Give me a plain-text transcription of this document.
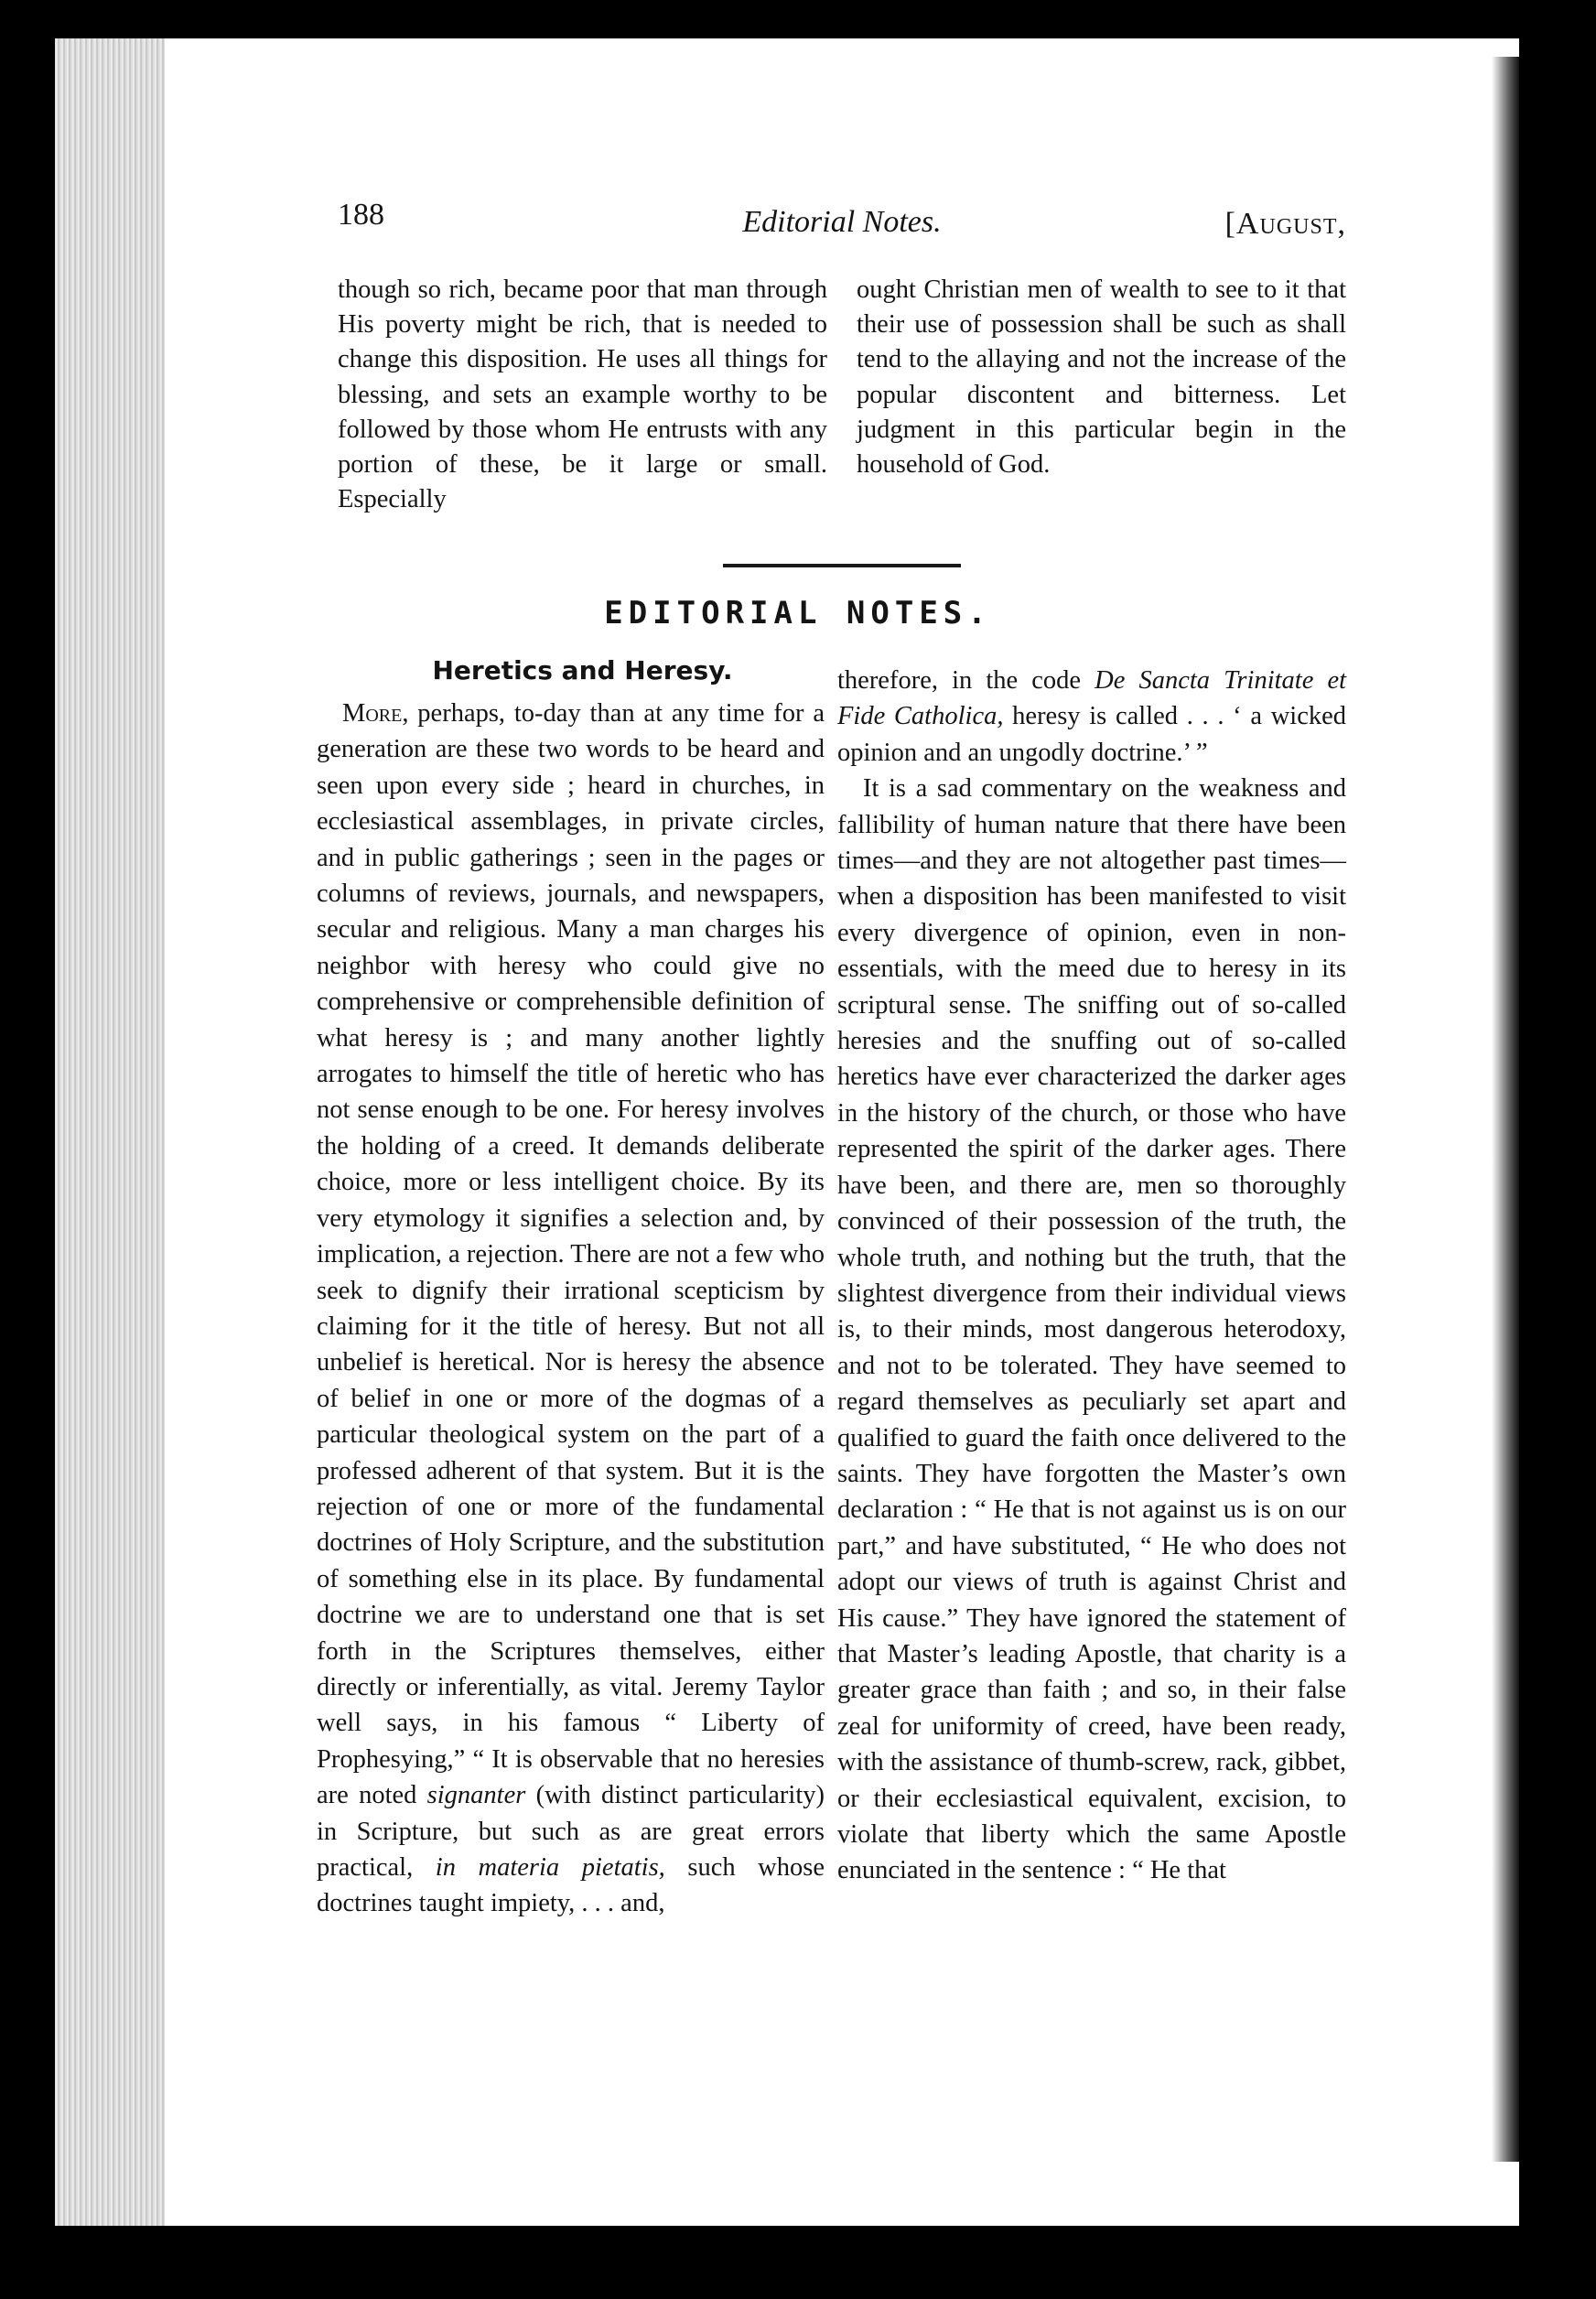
188	Editorial Notes.	[August,

though so rich, became poor that man through His poverty might be rich, that is needed to change this disposition. He uses all things for blessing, and sets an example worthy to be followed by those whom He entrusts with any portion of these, be it large or small. Especially

ought Christian men of wealth to see to it that their use of possession shall be such as shall tend to the allaying and not the increase of the popular discontent and bitterness. Let judgment in this particular begin in the household of God.

EDITORIAL NOTES.
Heretics and Heresy.

More, perhaps, to-day than at any time for a generation are these two words to be heard and seen upon every side ; heard in churches, in ecclesiastical assemblages, in private circles, and in public gatherings ; seen in the pages or columns of reviews, journals, and newspapers, secular and religious. Many a man charges his neighbor with heresy who could give no comprehensive or comprehensible definition of what heresy is ; and many another lightly arrogates to himself the title of heretic who has not sense enough to be one. For heresy involves the holding of a creed. It demands deliberate choice, more or less intelligent choice. By its very etymology it signifies a selection and, by implication, a rejection. There are not a few who seek to dignify their irrational scepticism by claiming for it the title of heresy. But not all unbelief is heretical. Nor is heresy the absence of belief in one or more of the dogmas of a particular theological system on the part of a professed adherent of that system. But it is the rejection of one or more of the fundamental doctrines of Holy Scripture, and the substitution of something else in its place. By fundamental doctrine we are to understand one that is set forth in the Scriptures themselves, either directly or inferentially, as vital. Jeremy Taylor well says, in his famous “ Liberty of Prophesying,” “ It is observable that no heresies are noted signanter (with distinct particularity) in Scripture, but such as are great errors practical, in materia pietatis, such whose doctrines taught impiety, . . . and,

therefore, in the code De Sancta Trinitate et Fide Catholica, heresy is called . . . ‘ a wicked opinion and an ungodly doctrine.’ ”

It is a sad commentary on the weakness and fallibility of human nature that there have been times—and they are not altogether past times—when a disposition has been manifested to visit every divergence of opinion, even in non-essentials, with the meed due to heresy in its scriptural sense. The sniffing out of so-called heresies and the snuffing out of so-called heretics have ever characterized the darker ages in the history of the church, or those who have represented the spirit of the darker ages. There have been, and there are, men so thoroughly convinced of their possession of the truth, the whole truth, and nothing but the truth, that the slightest divergence from their individual views is, to their minds, most dangerous heterodoxy, and not to be tolerated. They have seemed to regard themselves as peculiarly set apart and qualified to guard the faith once delivered to the saints. They have forgotten the Master’s own declaration : “ He that is not against us is on our part,” and have substituted, “ He who does not adopt our views of truth is against Christ and His cause.” They have ignored the statement of that Master’s leading Apostle, that charity is a greater grace than faith ; and so, in their false zeal for uniformity of creed, have been ready, with the assistance of thumb-screw, rack, gibbet, or their ecclesiastical equivalent, excision, to violate that liberty which the same Apostle enunciated in the sentence : “ He that
